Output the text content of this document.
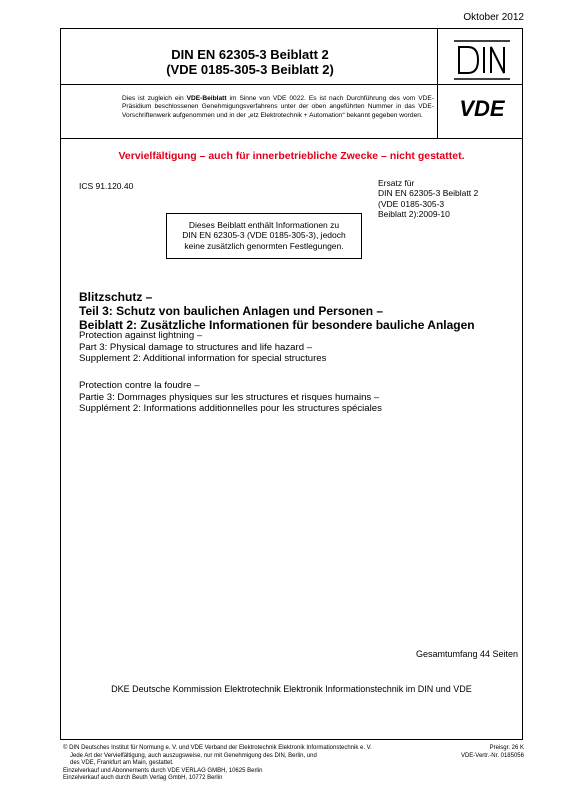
Oktober 2012
DIN EN 62305-3 Beiblatt 2
(VDE 0185-305-3 Beiblatt 2)
VDE
Dies ist zugleich ein VDE-Beiblatt im Sinne von VDE 0022. Es ist nach Durchführung des vom VDE-Präsidium beschlossenen Genehmigungsverfahrens unter der oben angeführten Nummer in das VDE-Vorschriftenwerk aufgenommen und in der „etz Elektrotechnik + Automation“ bekannt gegeben worden.
Vervielfältigung – auch für innerbetriebliche Zwecke – nicht gestattet.
ICS 91.120.40	Ersatz für
DIN EN 62305-3 Beiblatt 2
(VDE 0185-305-3
Beiblatt 2):2009-10
Dieses Beiblatt enthält Informationen zu
DIN EN 62305-3 (VDE 0185-305-3), jedoch
keine zusätzlich genormten Festlegungen.
Blitzschutz –
Teil 3: Schutz von baulichen Anlagen und Personen –
Beiblatt 2: Zusätzliche Informationen für besondere bauliche Anlagen
Protection against lightning –
Part 3: Physical damage to structures and life hazard –
Supplement 2: Additional information for special structures
Protection contre la foudre –
Partie 3: Dommages physiques sur les structures et risques humains –
Supplément 2: Informations additionnelles pour les structures spéciales
Gesamtumfang 44 Seiten
DKE Deutsche Kommission Elektrotechnik Elektronik Informationstechnik im DIN und VDE
© DIN Deutsches Institut für Normung e. V. und VDE Verband der Elektrotechnik Elektronik Informationstechnik e. V.
Jede Art der Vervielfältigung, auch auszugsweise, nur mit Genehmigung des DIN, Berlin, und
des VDE, Frankfurt am Main, gestattet.
Einzelverkauf und Abonnements durch VDE VERLAG GMBH, 10625 Berlin
Einzelverkauf auch durch Beuth Verlag GmbH, 10772 Berlin
Preisgr. 26 K
VDE-Vertr.-Nr. 0185056
